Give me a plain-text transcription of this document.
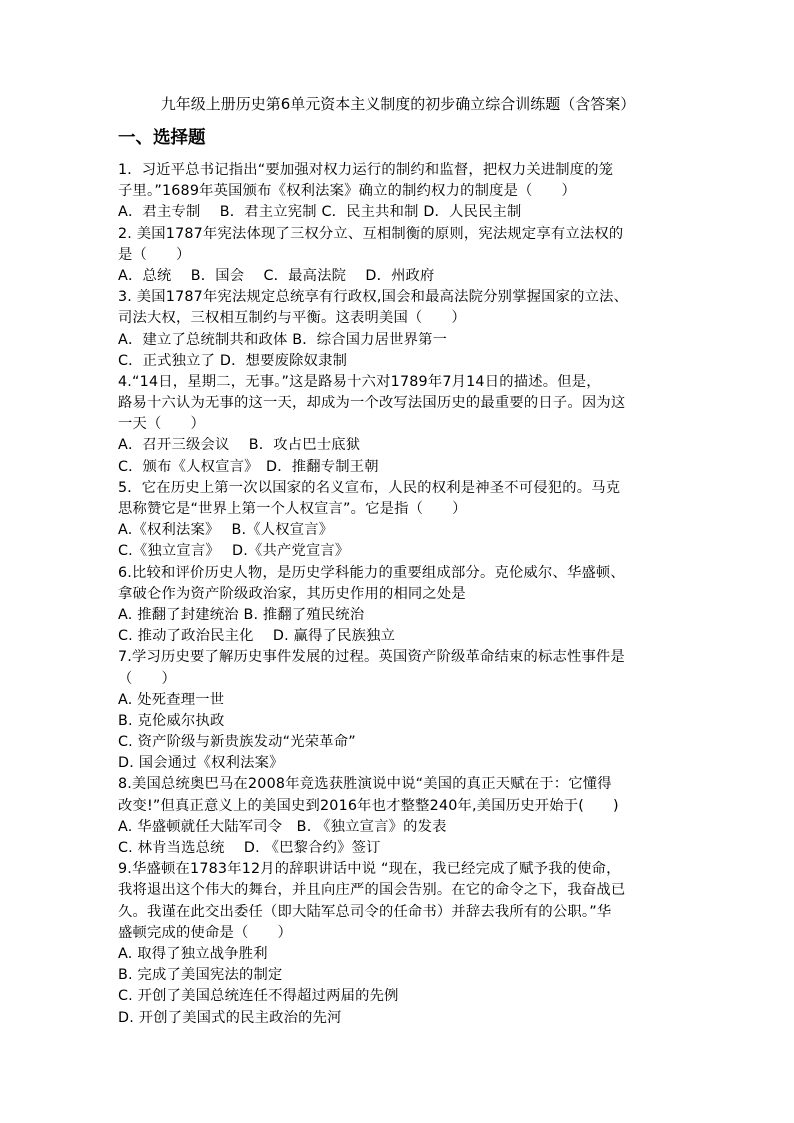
九年级上册历史第6单元资本主义制度的初步确立综合训练题（含答案）
一、选择题
1．习近平总书记指出“要加强对权力运行的制约和监督，把权力关进制度的笼
子里。”1689年英国颁布《权利法案》确立的制约权力的制度是（　　）
A．君主专制　 B．君主立宪制 C．民主共和制 D．人民民主制
2. 美国1787年宪法体现了三权分立、互相制衡的原则，宪法规定享有立法权的
是（　　）
A．总统　 B．国会　 C．最高法院　 D．州政府
3. 美国1787年宪法规定总统享有行政权,国会和最高法院分别掌握国家的立法、
司法大权，三权相互制约与平衡。这表明美国（　　）
A．建立了总统制共和政体 B．综合国力居世界第一
C．正式独立了 D．想要废除奴隶制
4.“14日，星期二，无事。”这是路易十六对1789年7月14日的描述。但是，
路易十六认为无事的这一天，却成为一个改写法国历史的最重要的日子。因为这
一天（　　）
A．召开三级会议　 B．攻占巴士底狱
C．颁布《人权宣言》　D．推翻专制王朝
5．它在历史上第一次以国家的名义宣布，人民的权利是神圣不可侵犯的。马克
思称赞它是“世界上第一个人权宣言”。它是指（　　）
A.《权利法案》　 B.《人权宣言》
C.《独立宣言》　 D.《共产党宣言》
6.比较和评价历史人物，是历史学科能力的重要组成部分。克伦威尔、华盛顿、
拿破仑作为资产阶级政治家，其历史作用的相同之处是
A. 推翻了封建统治 B. 推翻了殖民统治
C. 推动了政治民主化　 D. 赢得了民族独立
7.学习历史要了解历史事件发展的过程。英国资产阶级革命结束的标志性事件是
（　　）
A. 处死查理一世
B. 克伦威尔执政
C. 资产阶级与新贵族发动“光荣革命”
D. 国会通过《权利法案》
8.美国总统奥巴马在2008年竞选获胜演说中说“美国的真正天赋在于：它懂得
改变!”但真正意义上的美国史到2016年也才整整240年,美国历史开始于(　　)
A. 华盛顿就任大陆军司令　B. 《独立宣言》的发表
C. 林肯当选总统　 D. 《巴黎合约》签订
9.华盛顿在1783年12月的辞职讲话中说 “现在，我已经完成了赋予我的使命，
我将退出这个伟大的舞台，并且向庄严的国会告别。在它的命令之下，我奋战已
久。我谨在此交出委任（即大陆军总司令的任命书）并辞去我所有的公职。”华
盛顿完成的使命是（　　）
A. 取得了独立战争胜利
B. 完成了美国宪法的制定
C. 开创了美国总统连任不得超过两届的先例
D. 开创了美国式的民主政治的先河
